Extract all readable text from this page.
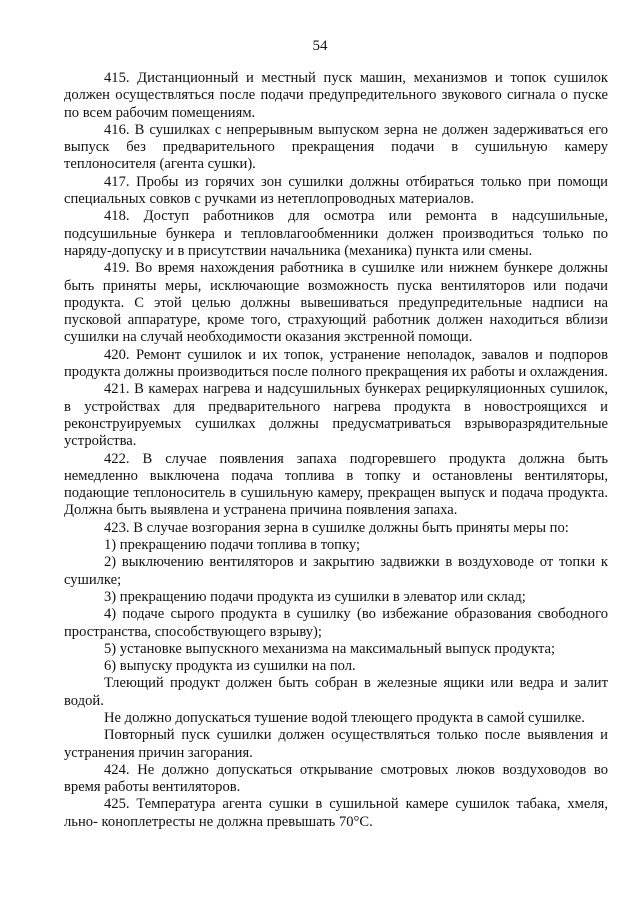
54

415. Дистанционный и местный пуск машин, механизмов и топок сушилок должен осуществляться после подачи предупредительного звукового сигнала о пуске по всем рабочим помещениям.

416. В сушилках с непрерывным выпуском зерна не должен задерживаться его выпуск без предварительного прекращения подачи в сушильную камеру теплоносителя (агента сушки).

417. Пробы из горячих зон сушилки должны отбираться только при помощи специальных совков с ручками из нетеплопроводных материалов.

418. Доступ работников для осмотра или ремонта в надсушильные, подсушильные бункера и тепловлагообменники должен производиться только по наряду-допуску и в присутствии начальника (механика) пункта или смены.

419. Во время нахождения работника в сушилке или нижнем бункере должны быть приняты меры, исключающие возможность пуска вентиляторов или подачи продукта. С этой целью должны вывешиваться предупредительные надписи на пусковой аппаратуре, кроме того, страхующий работник должен находиться вблизи сушилки на случай необходимости оказания экстренной помощи.

420. Ремонт сушилок и их топок, устранение неполадок, завалов и подпоров продукта должны производиться после полного прекращения их работы и охлаждения.

421. В камерах нагрева и надсушильных бункерах рециркуляционных сушилок, в устройствах для предварительного нагрева продукта в новостроящихся и реконструируемых сушилках должны предусматриваться взрыворазрядительные устройства.

422. В случае появления запаха подгоревшего продукта должна быть немедленно выключена подача топлива в топку и остановлены вентиляторы, подающие теплоноситель в сушильную камеру, прекращен выпуск и подача продукта. Должна быть выявлена и устранена причина появления запаха.

423. В случае возгорания зерна в сушилке должны быть приняты меры по:

1) прекращению подачи топлива в топку;

2) выключению вентиляторов и закрытию задвижки в воздуховоде от топки к сушилке;

3) прекращению подачи продукта из сушилки в элеватор или склад;

4) подаче сырого продукта в сушилку (во избежание образования свободного пространства, способствующего взрыву);

5) установке выпускного механизма на максимальный выпуск продукта;

6) выпуску продукта из сушилки на пол.

Тлеющий продукт должен быть собран в железные ящики или ведра и залит водой.

Не должно допускаться тушение водой тлеющего продукта в самой сушилке.

Повторный пуск сушилки должен осуществляться только после выявления и устранения причин загорания.

424. Не должно допускаться открывание смотровых люков воздуховодов во время работы вентиляторов.

425. Температура агента сушки в сушильной камере сушилок табака, хмеля, льно- коноплетресты не должна превышать 70°C.
